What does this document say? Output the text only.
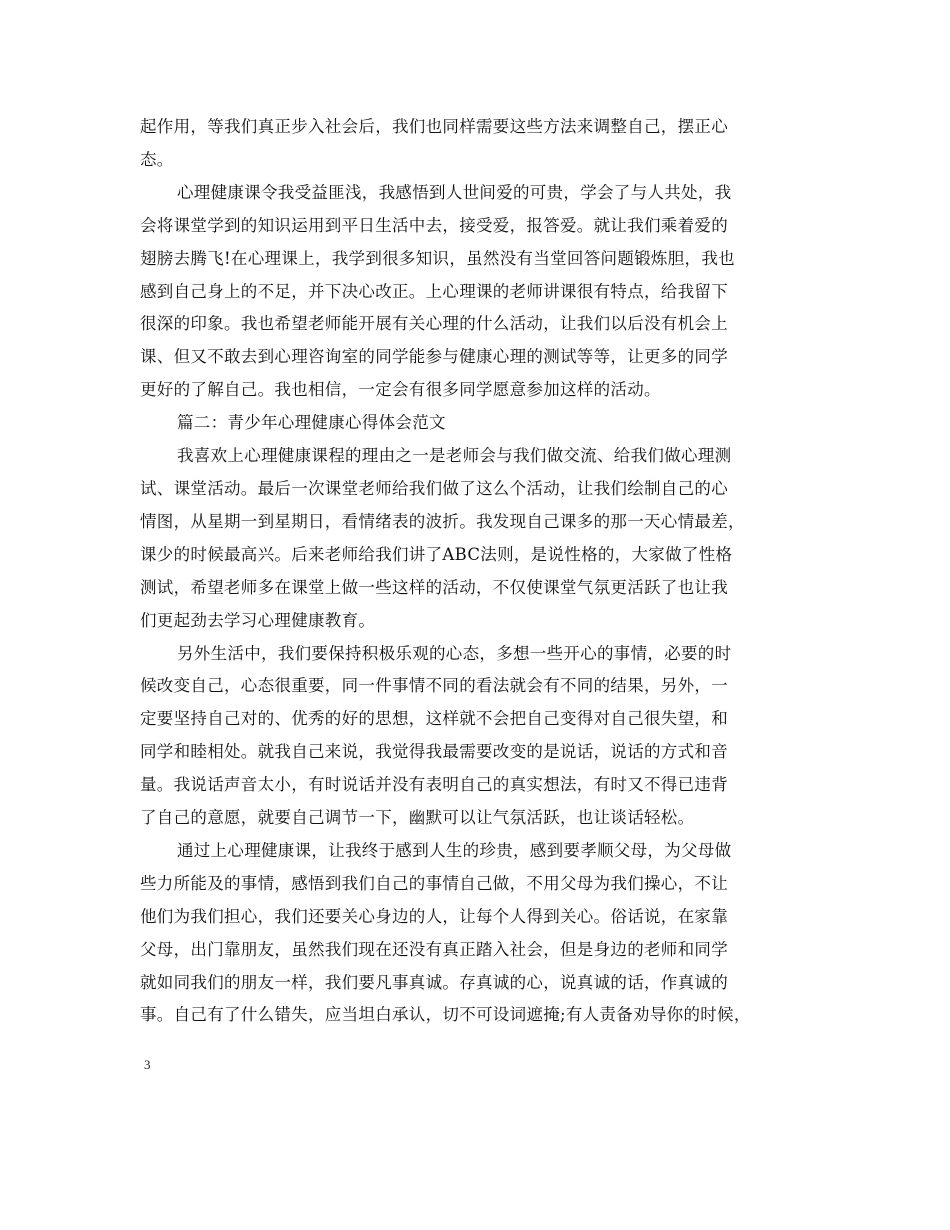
起作用，等我们真正步入社会后，我们也同样需要这些方法来调整自己，摆正心
态。

心理健康课令我受益匪浅，我感悟到人世间爱的可贵，学会了与人共处，我
会将课堂学到的知识运用到平日生活中去，接受爱，报答爱。就让我们乘着爱的
翅膀去腾飞!在心理课上，我学到很多知识，虽然没有当堂回答问题锻炼胆，我也
感到自己身上的不足，并下决心改正。上心理课的老师讲课很有特点，给我留下
很深的印象。我也希望老师能开展有关心理的什么活动，让我们以后没有机会上
课、但又不敢去到心理咨询室的同学能参与健康心理的测试等等，让更多的同学
更好的了解自己。我也相信，一定会有很多同学愿意参加这样的活动。

篇二：青少年心理健康心得体会范文

我喜欢上心理健康课程的理由之一是老师会与我们做交流、给我们做心理测
试、课堂活动。最后一次课堂老师给我们做了这么个活动，让我们绘制自己的心
情图，从星期一到星期日，看情绪表的波折。我发现自己课多的那一天心情最差，
课少的时候最高兴。后来老师给我们讲了ABC法则，是说性格的，大家做了性格
测试，希望老师多在课堂上做一些这样的活动，不仅使课堂气氛更活跃了也让我
们更起劲去学习心理健康教育。

另外生活中，我们要保持积极乐观的心态，多想一些开心的事情，必要的时
候改变自己，心态很重要，同一件事情不同的看法就会有不同的结果，另外，一
定要坚持自己对的、优秀的好的思想，这样就不会把自己变得对自己很失望，和
同学和睦相处。就我自己来说，我觉得我最需要改变的是说话，说话的方式和音
量。我说话声音太小，有时说话并没有表明自己的真实想法，有时又不得已违背
了自己的意愿，就要自己调节一下，幽默可以让气氛活跃，也让谈话轻松。

通过上心理健康课，让我终于感到人生的珍贵，感到要孝顺父母，为父母做
些力所能及的事情，感悟到我们自己的事情自己做，不用父母为我们操心，不让
他们为我们担心，我们还要关心身边的人，让每个人得到关心。俗话说，在家靠
父母，出门靠朋友，虽然我们现在还没有真正踏入社会，但是身边的老师和同学
就如同我们的朋友一样，我们要凡事真诚。存真诚的心，说真诚的话，作真诚的
事。自己有了什么错失，应当坦白承认，切不可设词遮掩;有人责备劝导你的时候，

3
